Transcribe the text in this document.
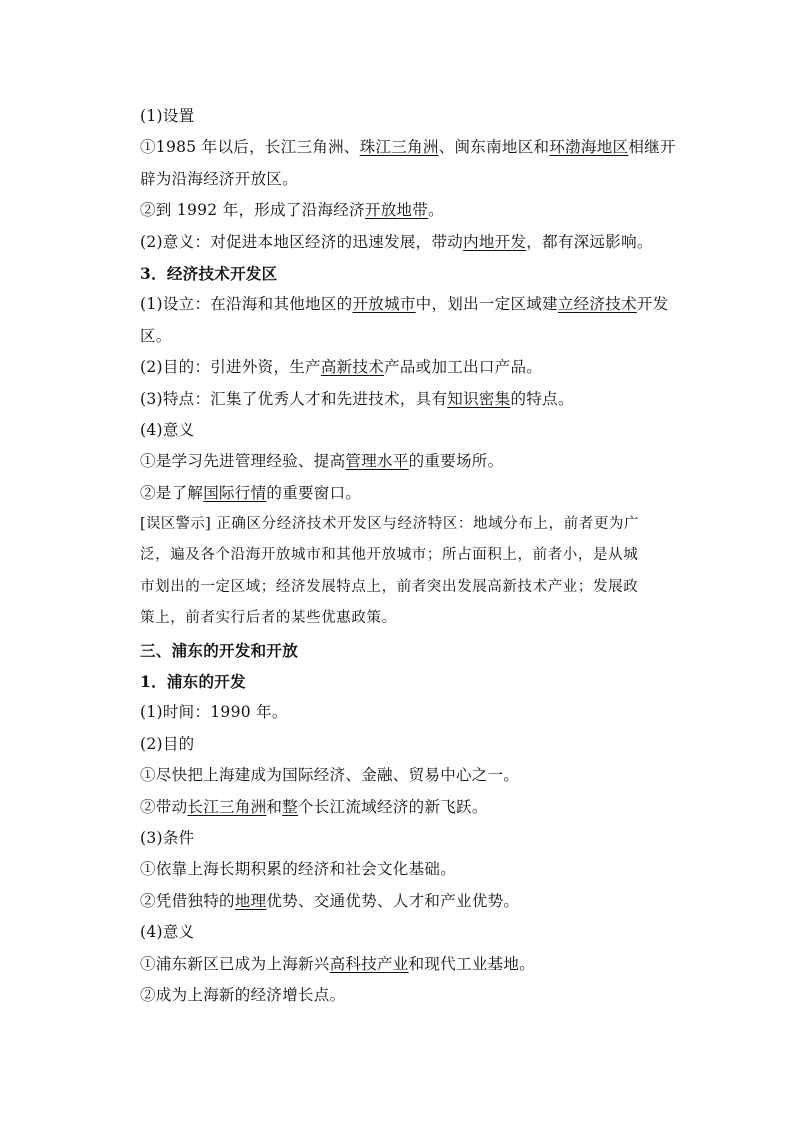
(1)设置
①1985 年以后，长江三角洲、珠江三角洲、闽东南地区和环渤海地区相继开
辟为沿海经济开放区。
②到 1992 年，形成了沿海经济开放地带。
(2)意义：对促进本地区经济的迅速发展，带动内地开发，都有深远影响。
3．经济技术开发区
(1)设立：在沿海和其他地区的开放城市中，划出一定区域建立经济技术开发
区。
(2)目的：引进外资，生产高新技术产品或加工出口产品。
(3)特点：汇集了优秀人才和先进技术，具有知识密集的特点。
(4)意义
①是学习先进管理经验、提高管理水平的重要场所。
②是了解国际行情的重要窗口。
[误区警示] 正确区分经济技术开发区与经济特区：地域分布上，前者更为广
泛，遍及各个沿海开放城市和其他开放城市；所占面积上，前者小，是从城
市划出的一定区域；经济发展特点上，前者突出发展高新技术产业；发展政
策上，前者实行后者的某些优惠政策。
三、浦东的开发和开放
1．浦东的开发
(1)时间：1990 年。
(2)目的
①尽快把上海建成为国际经济、金融、贸易中心之一。
②带动长江三角洲和整个长江流域经济的新飞跃。
(3)条件
①依靠上海长期积累的经济和社会文化基础。
②凭借独特的地理优势、交通优势、人才和产业优势。
(4)意义
①浦东新区已成为上海新兴高科技产业和现代工业基地。
②成为上海新的经济增长点。
